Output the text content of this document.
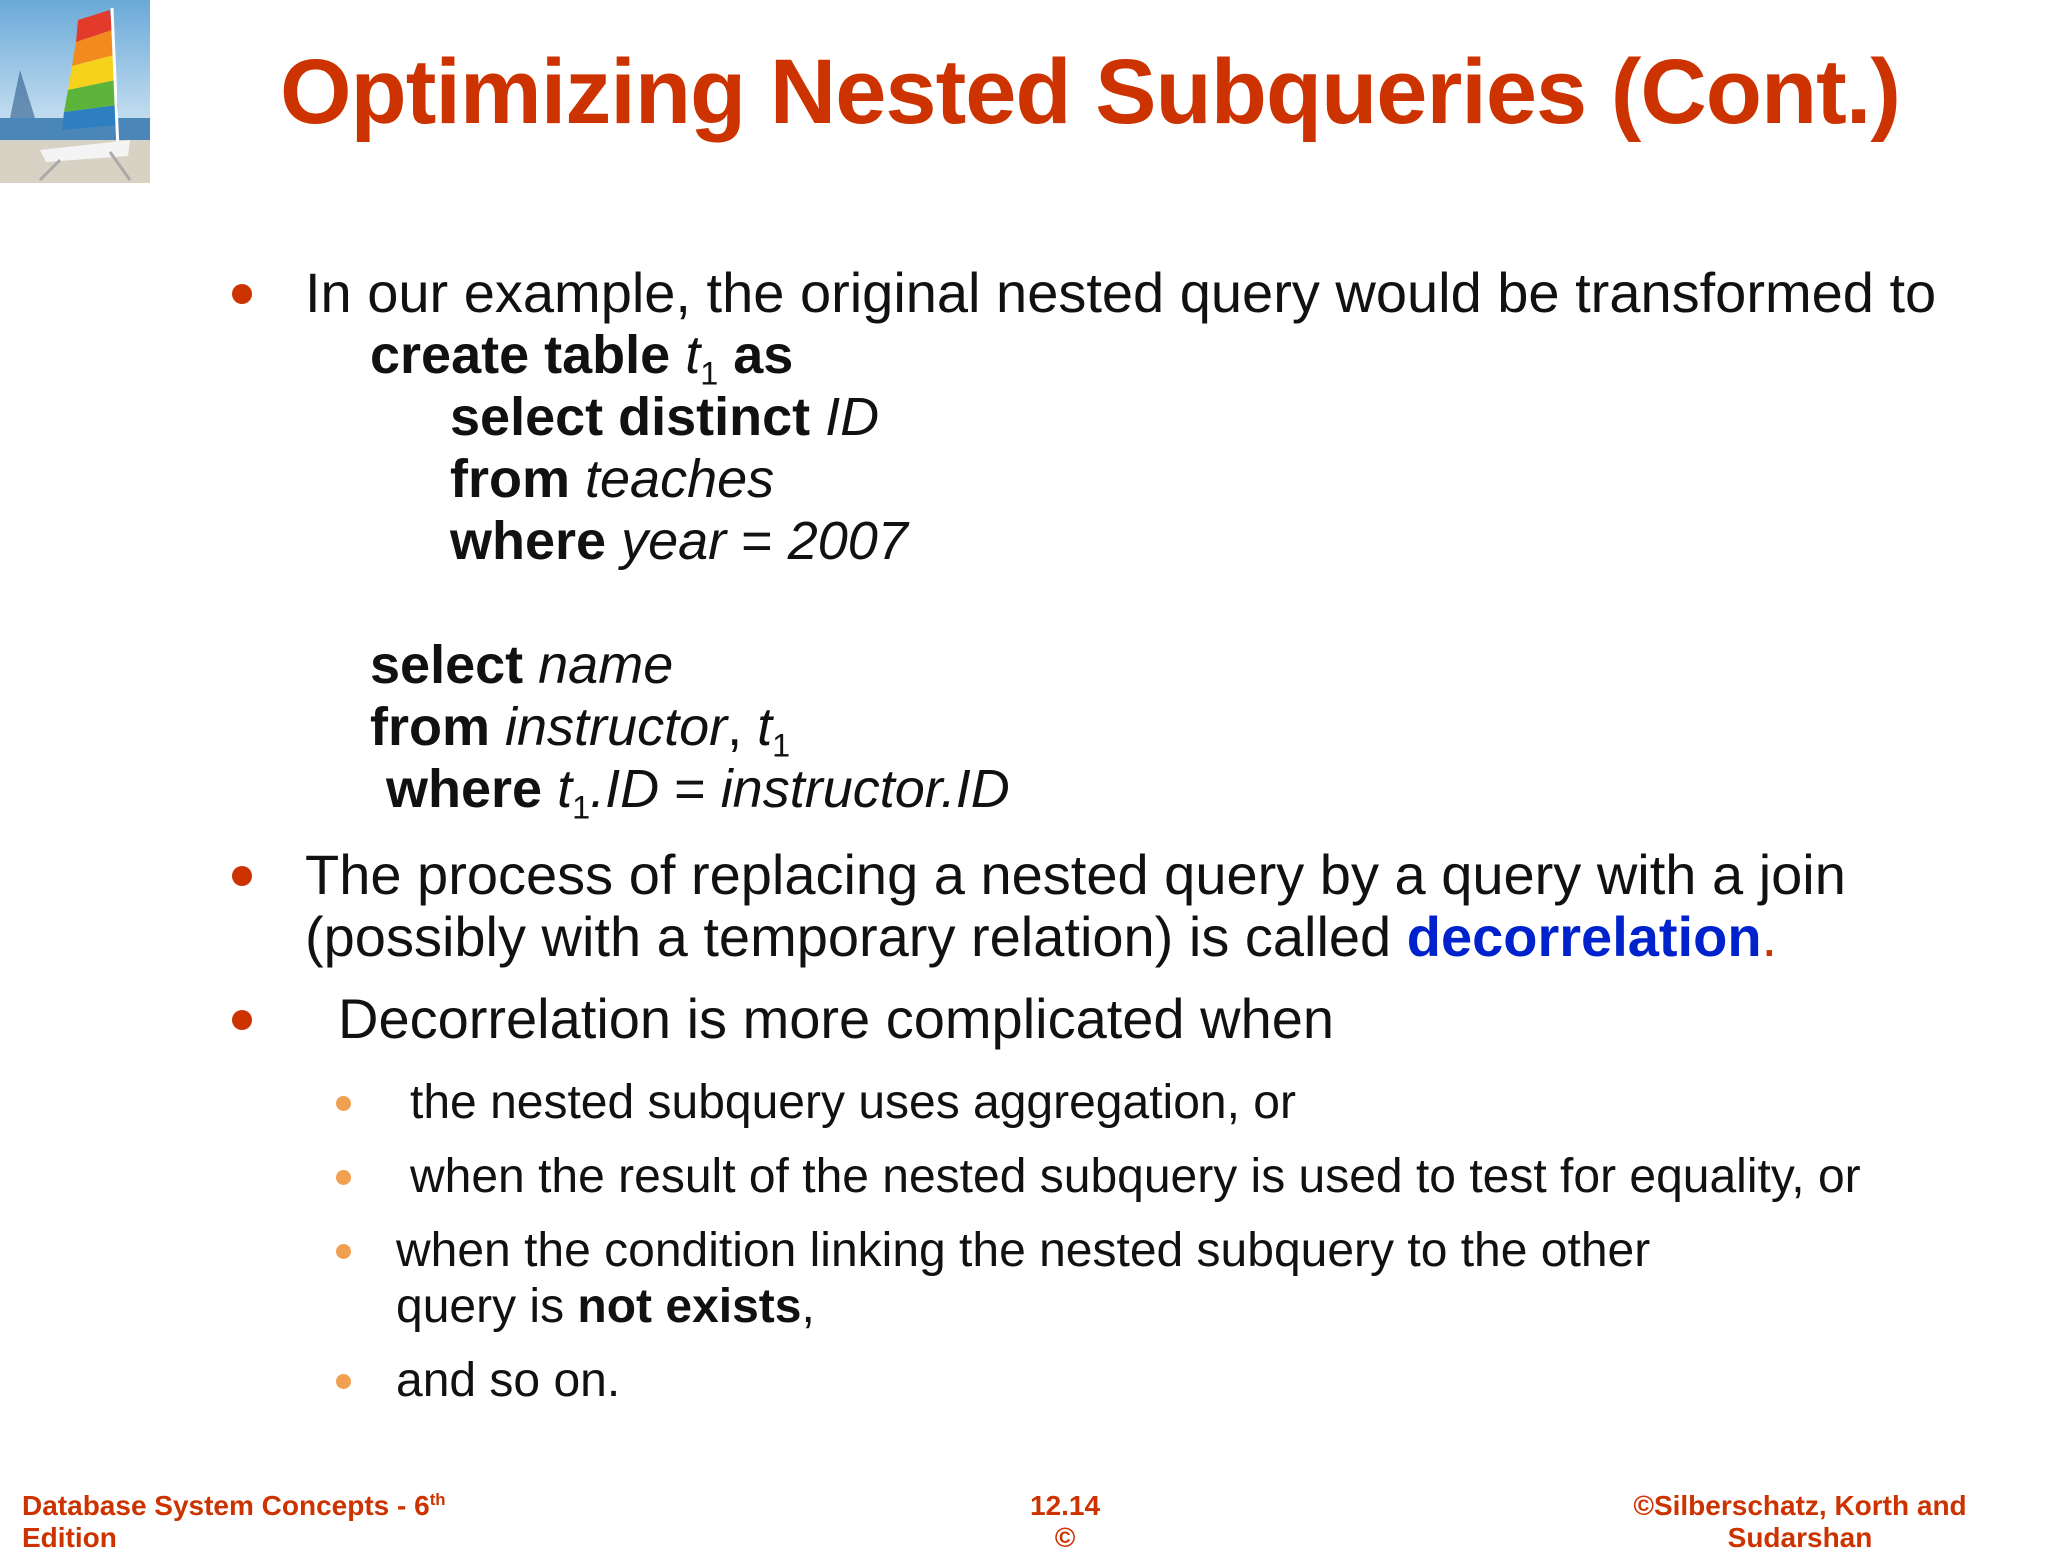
Optimizing Nested Subqueries (Cont.)
In our example, the original nested query would be transformed to
create table $t_1$ as
select distinct ID
from teaches
where year = 2007
select name
from instructor, $t_1$
where $t_1.ID$ = instructor.ID
The process of replacing a nested query by a query with a join
(possibly with a temporary relation) is called decorrelation.
Decorrelation is more complicated when
the nested subquery uses aggregation, or
when the result of the nested subquery is used to test for equality, or
when the condition linking the nested subquery to the other
query is not exists,
and so on.
Database System Concepts - 6th
Edition
12.14
©
©Silberschatz, Korth and
Sudarshan
